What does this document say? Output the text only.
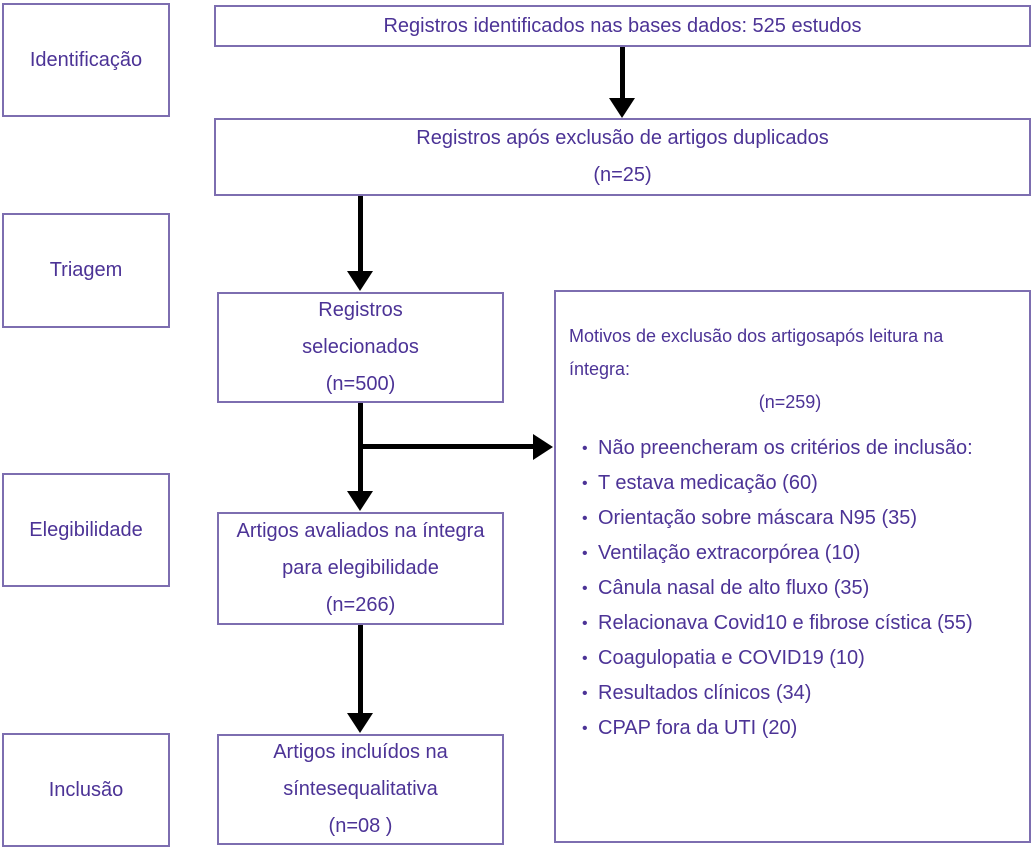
Identificação
Triagem
Elegibilidade
Inclusão
Registros identificados nas bases dados: 525 estudos
Registros após exclusão de artigos duplicados
(n=25)
Registros
selecionados
(n=500)
Artigos avaliados na íntegra
para elegibilidade
(n=266)
Artigos incluídos na
síntesequalitativa
(n=08 )
Motivos de exclusão dos artigosapós leitura na
íntegra:
(n=259)
• Não preencheram os critérios de inclusão:
• T estava medicação (60)
• Orientação sobre máscara N95 (35)
• Ventilação extracorpórea (10)
• Cânula nasal de alto fluxo (35)
• Relacionava Covid10 e fibrose cística (55)
• Coagulopatia e COVID19 (10)
• Resultados clínicos (34)
• CPAP fora da UTI (20)
